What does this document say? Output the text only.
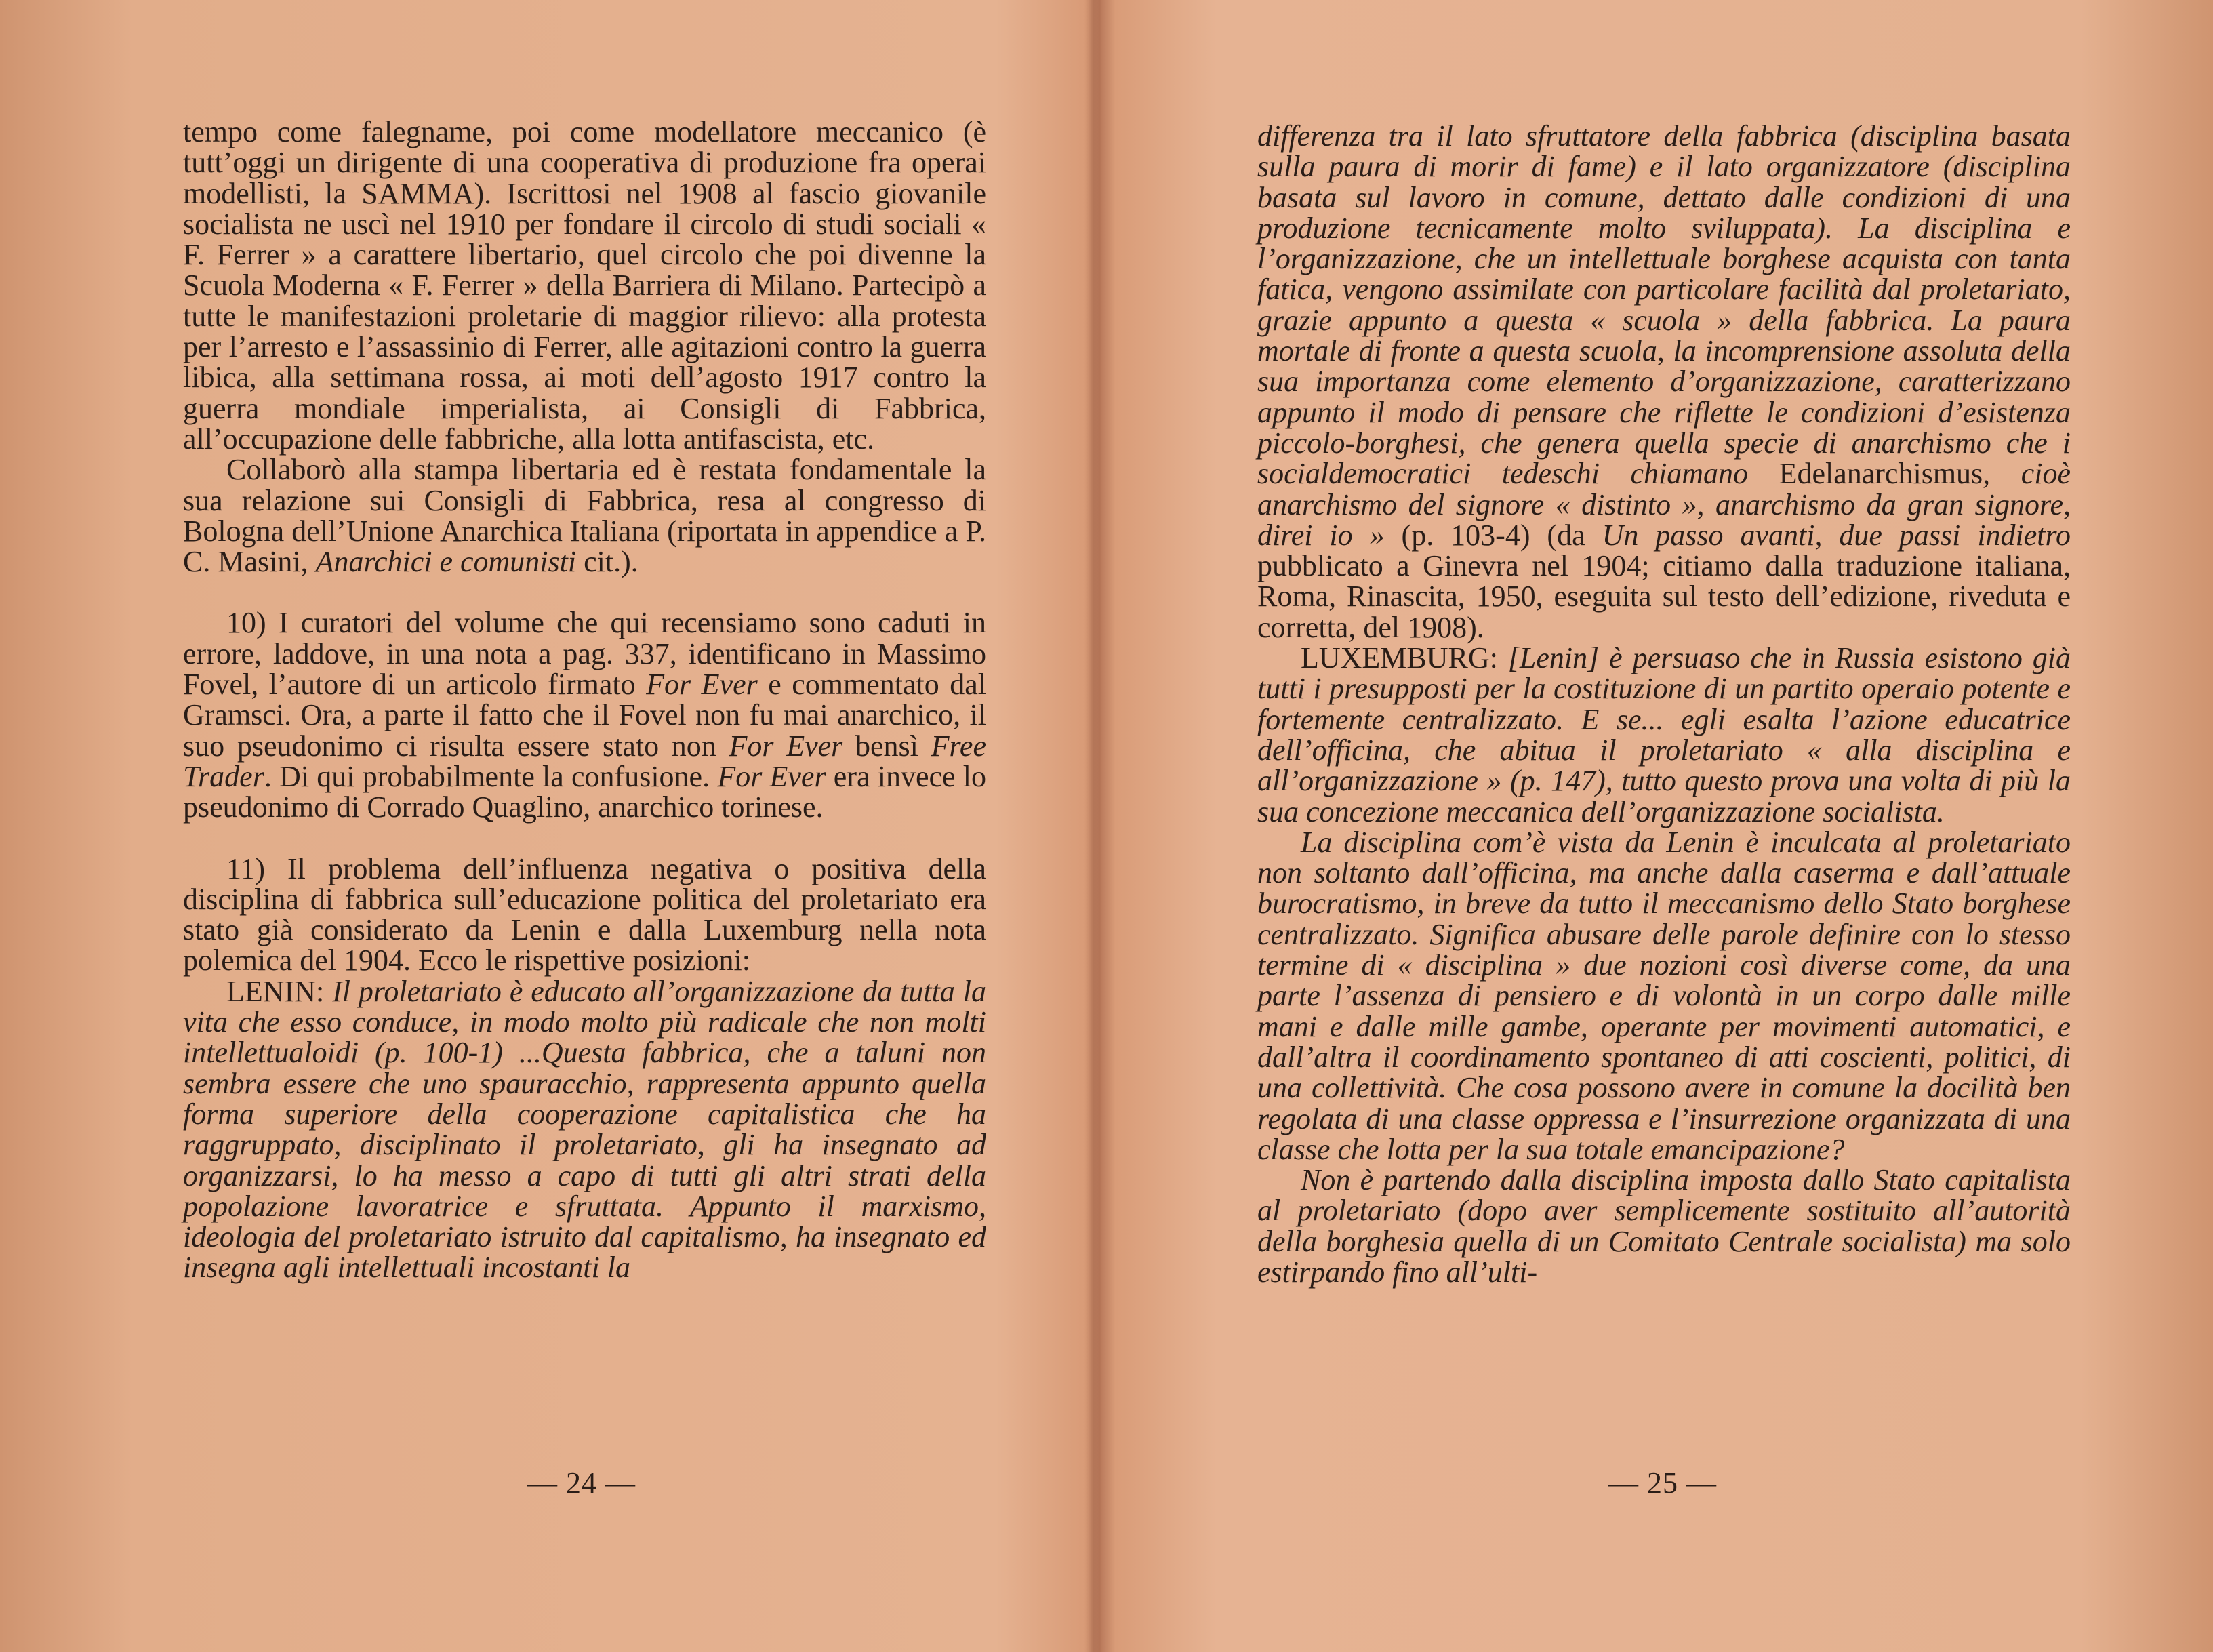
tempo come falegname, poi come modellatore meccanico (è tutt’oggi un dirigente di una cooperativa di produzione fra operai modellisti, la SAMMA). Iscrittosi nel 1908 al fascio giovanile socialista ne uscì nel 1910 per fondare il circolo di studi sociali « F. Ferrer » a carattere libertario, quel circolo che poi divenne la Scuola Moderna « F. Ferrer » della Barriera di Milano. Partecipò a tutte le manifestazioni proletarie di maggior rilievo: alla protesta per l’arresto e l’assassinio di Ferrer, alle agitazioni contro la guerra libica, alla settimana rossa, ai moti dell’agosto 1917 contro la guerra mondiale imperialista, ai Consigli di Fabbrica, all’occupazione delle fabbriche, alla lotta antifascista, etc.

Collaborò alla stampa libertaria ed è restata fondamentale la sua relazione sui Consigli di Fabbrica, resa al congresso di Bologna dell’Unione Anarchica Italiana (riportata in appendice a P. C. Masini, Anarchici e comunisti cit.).

10) I curatori del volume che qui recensiamo sono caduti in errore, laddove, in una nota a pag. 337, identificano in Massimo Fovel, l’autore di un articolo firmato For Ever e commentato dal Gramsci. Ora, a parte il fatto che il Fovel non fu mai anarchico, il suo pseudonimo ci risulta essere stato non For Ever bensì Free Trader. Di qui probabilmente la confusione. For Ever era invece lo pseudonimo di Corrado Quaglino, anarchico torinese.

11) Il problema dell’influenza negativa o positiva della disciplina di fabbrica sull’educazione politica del proletariato era stato già considerato da Lenin e dalla Luxemburg nella nota polemica del 1904. Ecco le rispettive posizioni:

LENIN: Il proletariato è educato all’organizzazione da tutta la vita che esso conduce, in modo molto più radicale che non molti intellettualoidi (p. 100-1) ...Questa fabbrica, che a taluni non sembra essere che uno spauracchio, rappresenta appunto quella forma superiore della cooperazione capitalistica che ha raggruppato, disciplinato il proletariato, gli ha insegnato ad organizzarsi, lo ha messo a capo di tutti gli altri strati della popolazione lavoratrice e sfruttata. Appunto il marxismo, ideologia del proletariato istruito dal capitalismo, ha insegnato ed insegna agli intellettuali incostanti la

— 24 —

differenza tra il lato sfruttatore della fabbrica (disciplina basata sulla paura di morir di fame) e il lato organizzatore (disciplina basata sul lavoro in comune, dettato dalle condizioni di una produzione tecnicamente molto sviluppata). La disciplina e l’organizzazione, che un intellettuale borghese acquista con tanta fatica, vengono assimilate con particolare facilità dal proletariato, grazie appunto a questa « scuola » della fabbrica. La paura mortale di fronte a questa scuola, la incomprensione assoluta della sua importanza come elemento d’organizzazione, caratterizzano appunto il modo di pensare che riflette le condizioni d’esistenza piccolo-borghesi, che genera quella specie di anarchismo che i socialdemocratici tedeschi chiamano Edelanarchismus, cioè anarchismo del signore « distinto », anarchismo da gran signore, direi io » (p. 103-4) (da Un passo avanti, due passi indietro pubblicato a Ginevra nel 1904; citiamo dalla traduzione italiana, Roma, Rinascita, 1950, eseguita sul testo dell’edizione, riveduta e corretta, del 1908).

LUXEMBURG: [Lenin] è persuaso che in Russia esistono già tutti i presupposti per la costituzione di un partito operaio potente e fortemente centralizzato. E se... egli esalta l’azione educatrice dell’officina, che abitua il proletariato « alla disciplina e all’organizzazione » (p. 147), tutto questo prova una volta di più la sua concezione meccanica dell’organizzazione socialista.

La disciplina com’è vista da Lenin è inculcata al proletariato non soltanto dall’officina, ma anche dalla caserma e dall’attuale burocratismo, in breve da tutto il meccanismo dello Stato borghese centralizzato. Significa abusare delle parole definire con lo stesso termine di « disciplina » due nozioni così diverse come, da una parte l’assenza di pensiero e di volontà in un corpo dalle mille mani e dalle mille gambe, operante per movimenti automatici, e dall’altra il coordinamento spontaneo di atti coscienti, politici, di una collettività. Che cosa possono avere in comune la docilità ben regolata di una classe oppressa e l’insurrezione organizzata di una classe che lotta per la sua totale emancipazione?

Non è partendo dalla disciplina imposta dallo Stato capitalista al proletariato (dopo aver semplicemente sostituito all’autorità della borghesia quella di un Comitato Centrale socialista) ma solo estirpando fino all’ulti-

— 25 —
